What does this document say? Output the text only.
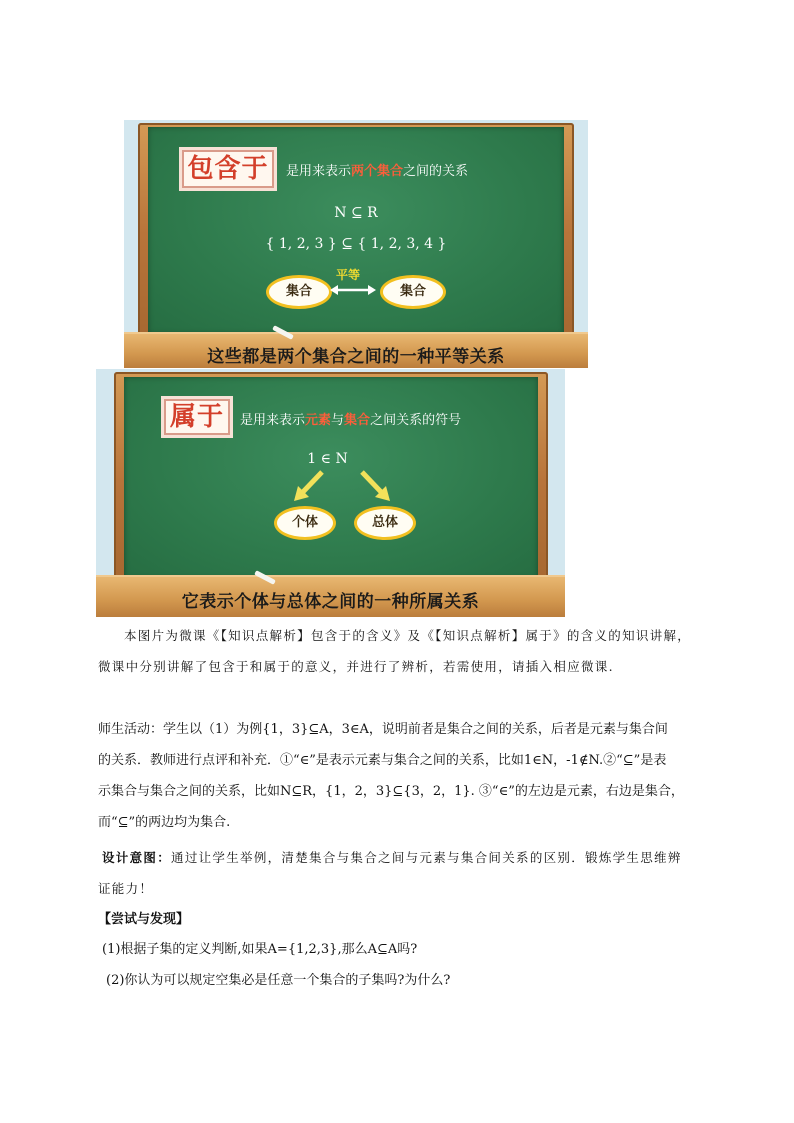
包含于	是用来表示两个集合之间的关系
N ⊆ R
{ 1, 2, 3 } ⊆ { 1, 2, 3, 4 }
集合
平等
集合
这些都是两个集合之间的一种平等关系
属于	是用来表示元素与集合之间关系的符号
1 ∈ N
个体	总体
它表示个体与总体之间的一种所属关系
本图片为微课《【知识点解析】包含于的含义》及《【知识点解析】属于》的含义的知识讲解，
微课中分别讲解了包含于和属于的意义，并进行了辨析，若需使用，请插入相应微课.
师生活动：学生以（1）为例{1，3}⊆A，3∈A，说明前者是集合之间的关系，后者是元素与集合间
的关系．教师进行点评和补充．①“∈”是表示元素与集合之间的关系，比如1∈N，-1∉N.②“⊆”是表
示集合与集合之间的关系，比如N⊆R，{1，2，3}⊆{3，2，1}. ③“∈”的左边是元素，右边是集合，
而“⊆”的两边均为集合.
设计意图：通过让学生举例，清楚集合与集合之间与元素与集合间关系的区别．锻炼学生思维辨
证能力！
【尝试与发现】
(1)根据子集的定义判断,如果A={1,2,3},那么A⊆A吗?
(2)你认为可以规定空集必是任意一个集合的子集吗?为什么?
